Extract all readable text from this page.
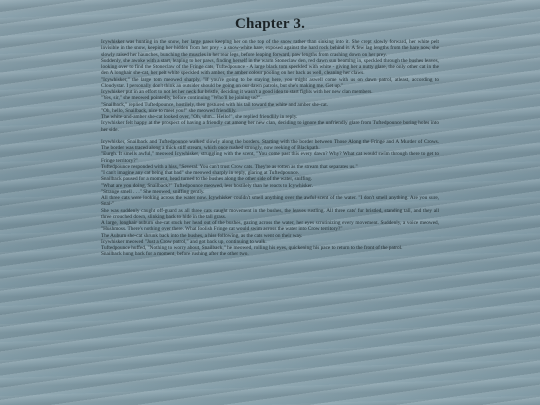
Chapter 3.

Icywhisker was hunting in the snow, her large paws keeping her on the top of the snow rather than sinking into it. She crept slowly forward, her white pelt invisible in the snow, keeping her hidden from her prey - a snow-white hare, exposed against the hard rock behind it. A few lag lengths from the hare now, she slowly raised her haunches, bunching the muscles in her rear legs, before leaping forward, paw lengths from crashing down on her prey.

Suddenly, she awoke with a start, leaping to her paws, finding herself in the warm Stoneclaw den, red dawn sun beaming in, speckled through the bushes leaves, looking over to find the Stoneclaw of the Fringe cats, Tuftedpounce - A large black tom speckled with white - giving her a nutty glare, the only other cat in the den A longhair she-cat, her pelt white speckled with amber, the amber colour pooling on her back as well, cleaning her claws.

"Icywhisker," the large tom meowed sharply, "If you're going to be staying here, you might aswell come with us on dawn patrol, atleast, according to Cloudystar. I personally don't think an outsider should be going on our dawn patrols, but she's making me. Get up."

Icywhisker put in an effort to not let her neck fur bristle, deciding it wasn't a good idea to start fights with her new clan members.

"Yes, sir," she meowed pointedly, before continuing "Who'll be joining us?".

"Snailback," replied Tuftedpounce, hostilely, then gestured with his tail toward the white and amber she-cat.

"Oh, hello, Snailback, nice to meet you!" she meowed friendlily.

The white-and-amber she-cat looked over, "Oh, uhm... Hello!", she replied friendlily in reply.

Icywhisker felt happy at the prospect of having a friendly cat among her new clan, deciding to ignore the unfriendly glare from Tuftedpounce boring holes into her side.

Icywhisker, Snailback and Tuftedpounce walked slowly along the borders. Starting with the border between Those Along the Fringe and A Murder of Crows. The border was traced along a thick stiff stream, which once rushed strongly, now reeking of Blackpath.

"Eurgh. It smells awful," meowed Icywhisker, struggling with the scent, "You come past this every dawn? Why? What cat would swim through there to get to Fringe territory?"

Tuftedpounce responded with a hiss, "Several. You can't trust Crow cats. They're as rotten as the stream that separates us."

"I can't imagine any cat being that bad" she meowed sharply in reply, glaring at Tuftedpounce.

Snailback paused for a moment, head turned to the bushes along the other side of the water, sniffing.

"What are you doing, Snailback?" Tuftedpounce meowed, less hostilely than he reacts to Icywhisker.

"Strange smell . . ." She meowed, sniffing gently.

All three cats were looking across the water now. Icywhisker couldn't smell anything over the awful scent of the water. "I don't smell anything. Are you sure, Snai-"

She was suddenly caught off-guard as all three cats caught movement in the bushes, the leaves rustling. All three cats' fur bristled, standing tall, and they all three crouched down, slinking back to hide in the tall grass.

A large, longhair auburn she-cat stuck her head out of the bushes, gazing across the water, her eyes scrutinizing every movement. Suddenly, a voice meowed, "Hushmoss. There's nothing over there. What foolish Fringe cat would swim across the water into Crow territory?"

The Auburn she-cat shrunk back into the bushes, a hiss following, as the cats went on their way.

Icywhisker meowed "Just a Crow patrol," and got back up, continuing to walk.

Tuftedpounce huffed, "Nothing to worry about, Snailback," he meowed, rolling his eyes, quickening his pace to return to the front of the patrol.

Snailback hung back for a moment, before rushing after the other two.
